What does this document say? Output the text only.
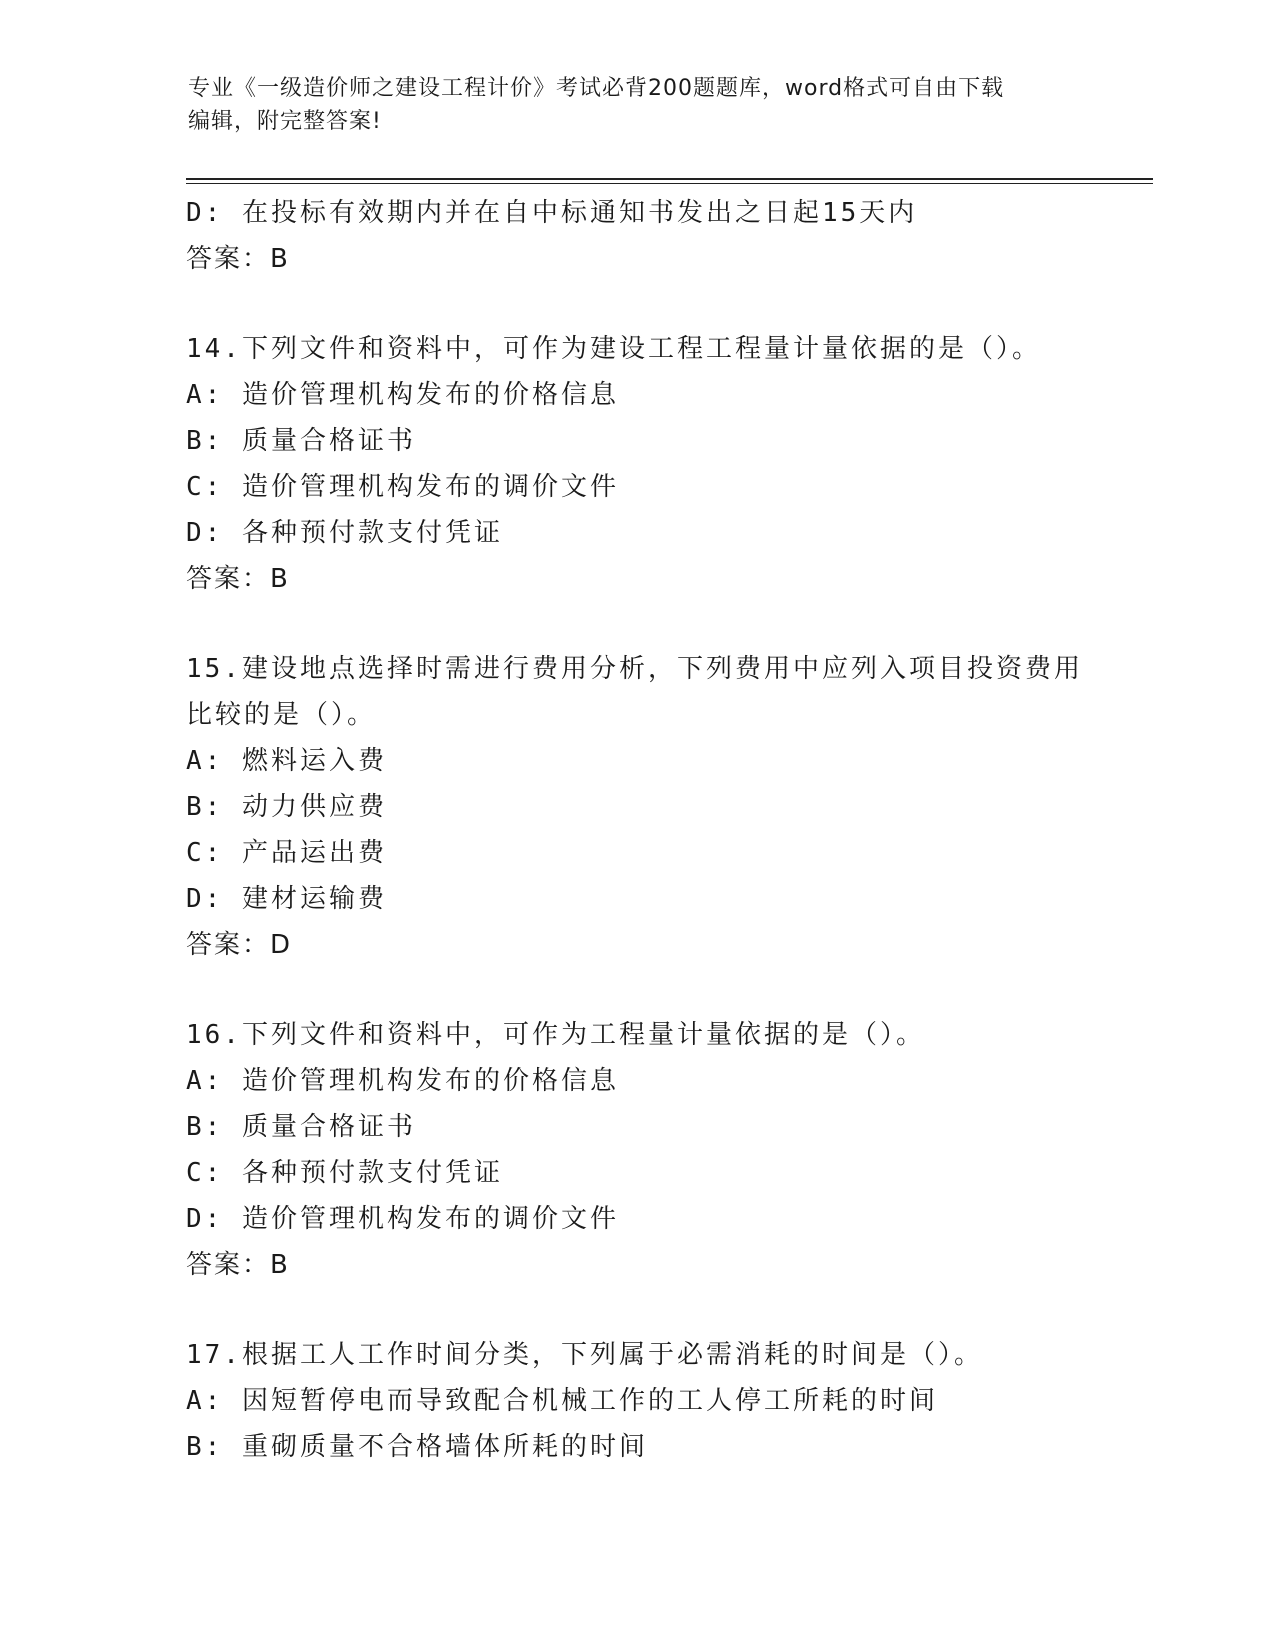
专业《一级造价师之建设工程计价》考试必背200题题库，word格式可自由下载
编辑，附完整答案!
D: 在投标有效期内并在自中标通知书发出之日起15天内
答案：B
14.下列文件和资料中，可作为建设工程工程量计量依据的是（）。
A: 造价管理机构发布的价格信息
B: 质量合格证书
C: 造价管理机构发布的调价文件
D: 各种预付款支付凭证
答案：B
15.建设地点选择时需进行费用分析，下列费用中应列入项目投资费用
比较的是（）。
A: 燃料运入费
B: 动力供应费
C: 产品运出费
D: 建材运输费
答案：D
16.下列文件和资料中，可作为工程量计量依据的是（）。
A: 造价管理机构发布的价格信息
B: 质量合格证书
C: 各种预付款支付凭证
D: 造价管理机构发布的调价文件
答案：B
17.根据工人工作时间分类，下列属于必需消耗的时间是（）。
A: 因短暂停电而导致配合机械工作的工人停工所耗的时间
B: 重砌质量不合格墙体所耗的时间
